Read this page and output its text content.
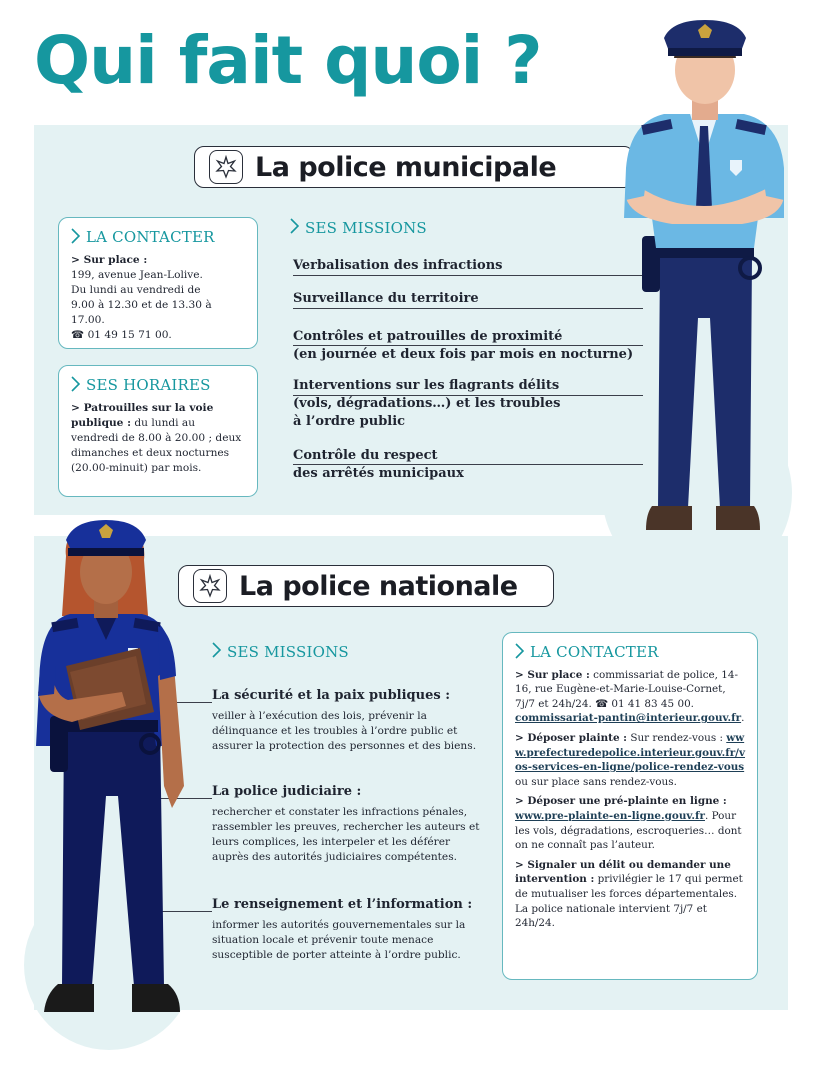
Qui fait quoi ?
La police municipale
LA CONTACTER
> Sur place :
199, avenue Jean-Lolive.
Du lundi au vendredi de
9.00 à 12.30 et de 13.30 à 17.00.
☎ 01 49 15 71 00.
SES HORAIRES

> Patrouilles sur la voie publique : du lundi au vendredi de 8.00 à 20.00 ; deux dimanches et deux nocturnes (20.00-minuit) par mois.

SES MISSIONS
Verbalisation des infractions
Surveillance du territoire
Contrôles et patrouilles de proximité
(en journée et deux fois par mois en nocturne)
Interventions sur les flagrants délits
(vols, dégradations…) et les troubles
à l’ordre public
Contrôle du respect
des arrêtés municipaux
La police nationale
SES MISSIONS
La sécurité et la paix publiques :
veiller à l’exécution des lois, prévenir la délinquance et les troubles à l’ordre public et assurer la protection des personnes et des biens.
La police judiciaire :
rechercher et constater les infractions pénales, rassembler les preuves, rechercher les auteurs et leurs complices, les interpeler et les déférer auprès des autorités judiciaires compétentes.
Le renseignement et l’information :
informer les autorités gouvernementales sur la situation locale et prévenir toute menace susceptible de porter atteinte à l’ordre public.
LA CONTACTER

> Sur place : commissariat de police, 14-16, rue Eugène-et-Marie-Louise-Cornet, 7j/7 et 24h/24. ☎ 01 41 83 45 00. commissariat-pantin@interieur.gouv.fr.

> Déposer plainte : Sur rendez-vous : www.prefecturedepolice.interieur.gouv.fr/vos-services-en-ligne/police-rendez-vous ou sur place sans rendez-vous.

> Déposer une pré-plainte en ligne : www.pre-plainte-en-ligne.gouv.fr. Pour les vols, dégradations, escroqueries… dont on ne connaît pas l’auteur.

> Signaler un délit ou demander une intervention : privilégier le 17 qui permet de mutualiser les forces départementales. La police nationale intervient 7j/7 et 24h/24.
